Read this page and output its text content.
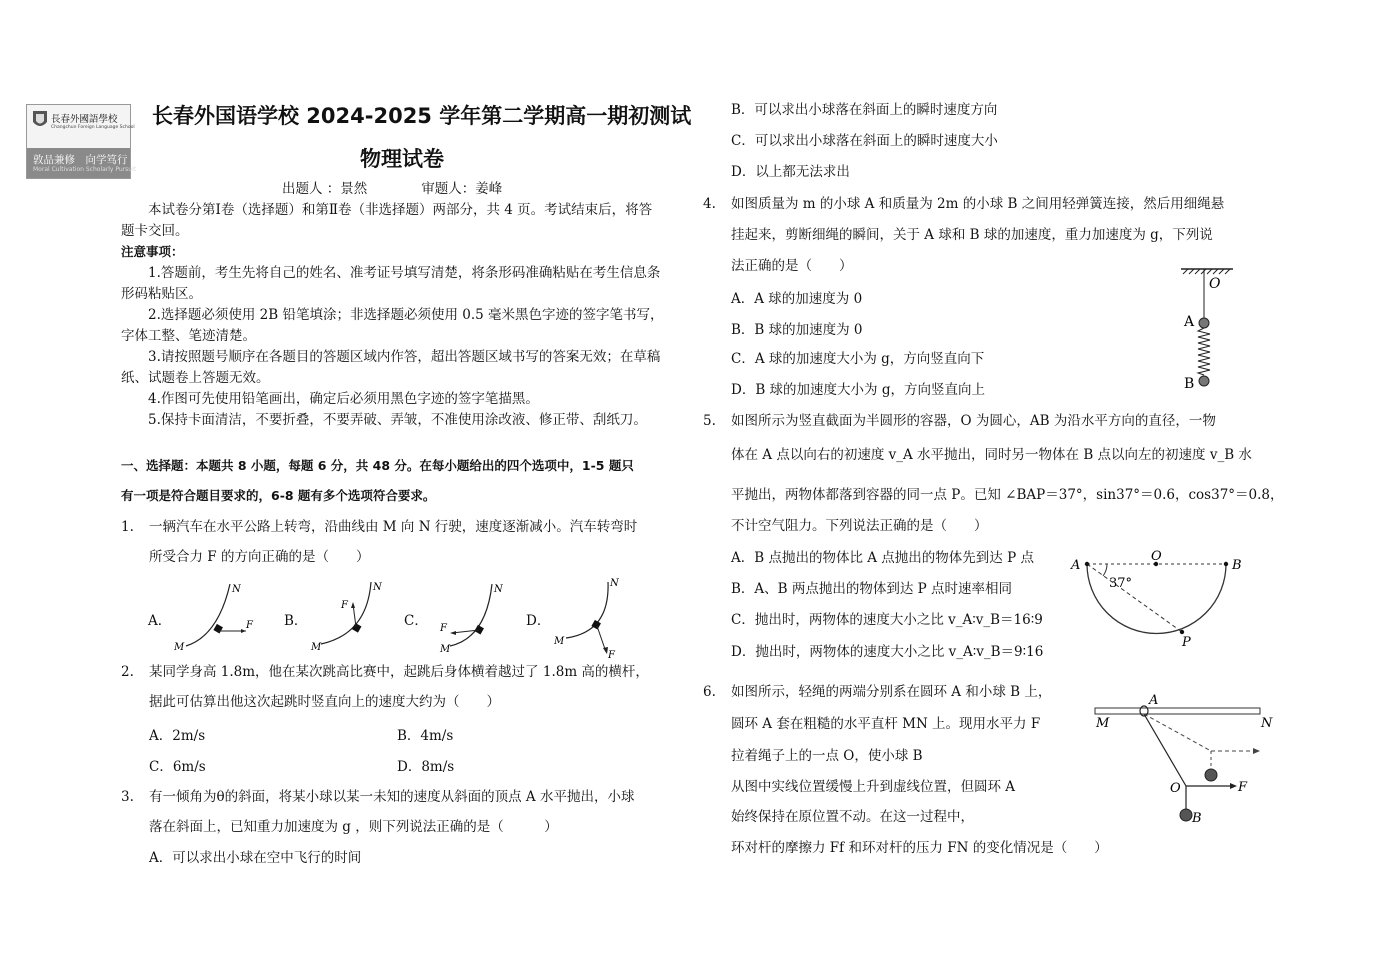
長春外國語學校
Changchun Foreign Language School
敦品兼修　向学笃行
Moral Cultivation Scholarly Pursuit
长春外国语学校 2024-2025 学年第二学期高一期初测试
物理试卷
出题人 ：景然　　　　审题人：姜峰
本试卷分第Ⅰ卷（选择题）和第Ⅱ卷（非选择题）两部分，共 4 页。考试结束后，将答
题卡交回。
注意事项：
1.答题前，考生先将自己的姓名、准考证号填写清楚，将条形码准确粘贴在考生信息条
形码粘贴区。
2.选择题必须使用 2B 铅笔填涂；非选择题必须使用 0.5 毫米黑色字迹的签字笔书写，
字体工整、笔迹清楚。
3.请按照题号顺序在各题目的答题区域内作答，超出答题区域书写的答案无效；在草稿
纸、试题卷上答题无效。
4.作图可先使用铅笔画出，确定后必须用黑色字迹的签字笔描黑。
5.保持卡面清洁，不要折叠，不要弄破、弄皱，不准使用涂改液、修正带、刮纸刀。
一、选择题：本题共 8 小题，每题 6 分，共 48 分。在每小题给出的四个选项中，1-5 题只
有一项是符合题目要求的，6-8 题有多个选项符合要求。
1. 一辆汽车在水平公路上转弯，沿曲线由 M 向 N 行驶，速度逐渐减小。汽车转弯时
所受合力 F 的方向正确的是（　　）
A．	B．	C．	D．
M
N
F
M
N
F
M
N
F
M
N
F
2. 某同学身高 1.8m，他在某次跳高比赛中，起跳后身体横着越过了 1.8m 高的横杆，
据此可估算出他这次起跳时竖直向上的速度大约为（　　）
A．2m/s	B．4m/s
C．6m/s	D．8m/s
3. 有一倾角为θ的斜面，将某小球以某一未知的速度从斜面的顶点 A 水平抛出，小球
落在斜面上，已知重力加速度为 g ，则下列说法正确的是（　　　）
A．可以求出小球在空中飞行的时间
B．可以求出小球落在斜面上的瞬时速度方向
C．可以求出小球落在斜面上的瞬时速度大小
D．以上都无法求出
4. 如图质量为 m 的小球 A 和质量为 2m 的小球 B 之间用轻弹簧连接，然后用细绳悬
挂起来，剪断细绳的瞬间，关于 A 球和 B 球的加速度，重力加速度为 g，下列说
法正确的是（　　）
A．A 球的加速度为 0
B．B 球的加速度为 0
C．A 球的加速度大小为 g，方向竖直向下
D．B 球的加速度大小为 g，方向竖直向上
O
A
B
5. 如图所示为竖直截面为半圆形的容器，O 为圆心，AB 为沿水平方向的直径，一物
体在 A 点以向右的初速度 v_A 水平抛出，同时另一物体在 B 点以向左的初速度 v_B 水
平抛出，两物体都落到容器的同一点 P。已知 ∠BAP＝37°，sin37°＝0.6，cos37°＝0.8，
不计空气阻力。下列说法正确的是（　　）
A．B 点抛出的物体比 A 点抛出的物体先到达 P 点
B．A、B 两点抛出的物体到达 P 点时速率相同
C．抛出时，两物体的速度大小之比 v_A∶v_B＝16∶9
D．抛出时，两物体的速度大小之比 v_A∶v_B＝9∶16
A
O
B
P
37°
6. 如图所示，轻绳的两端分别系在圆环 A 和小球 B 上，
圆环 A 套在粗糙的水平直杆 MN 上。现用水平力 F
拉着绳子上的一点 O，使小球 B
从图中实线位置缓慢上升到虚线位置，但圆环 A
始终保持在原位置不动。在这一过程中，
环对杆的摩擦力 Ff 和环对杆的压力 FN 的变化情况是（　　）
M	N
A
O	F
B
